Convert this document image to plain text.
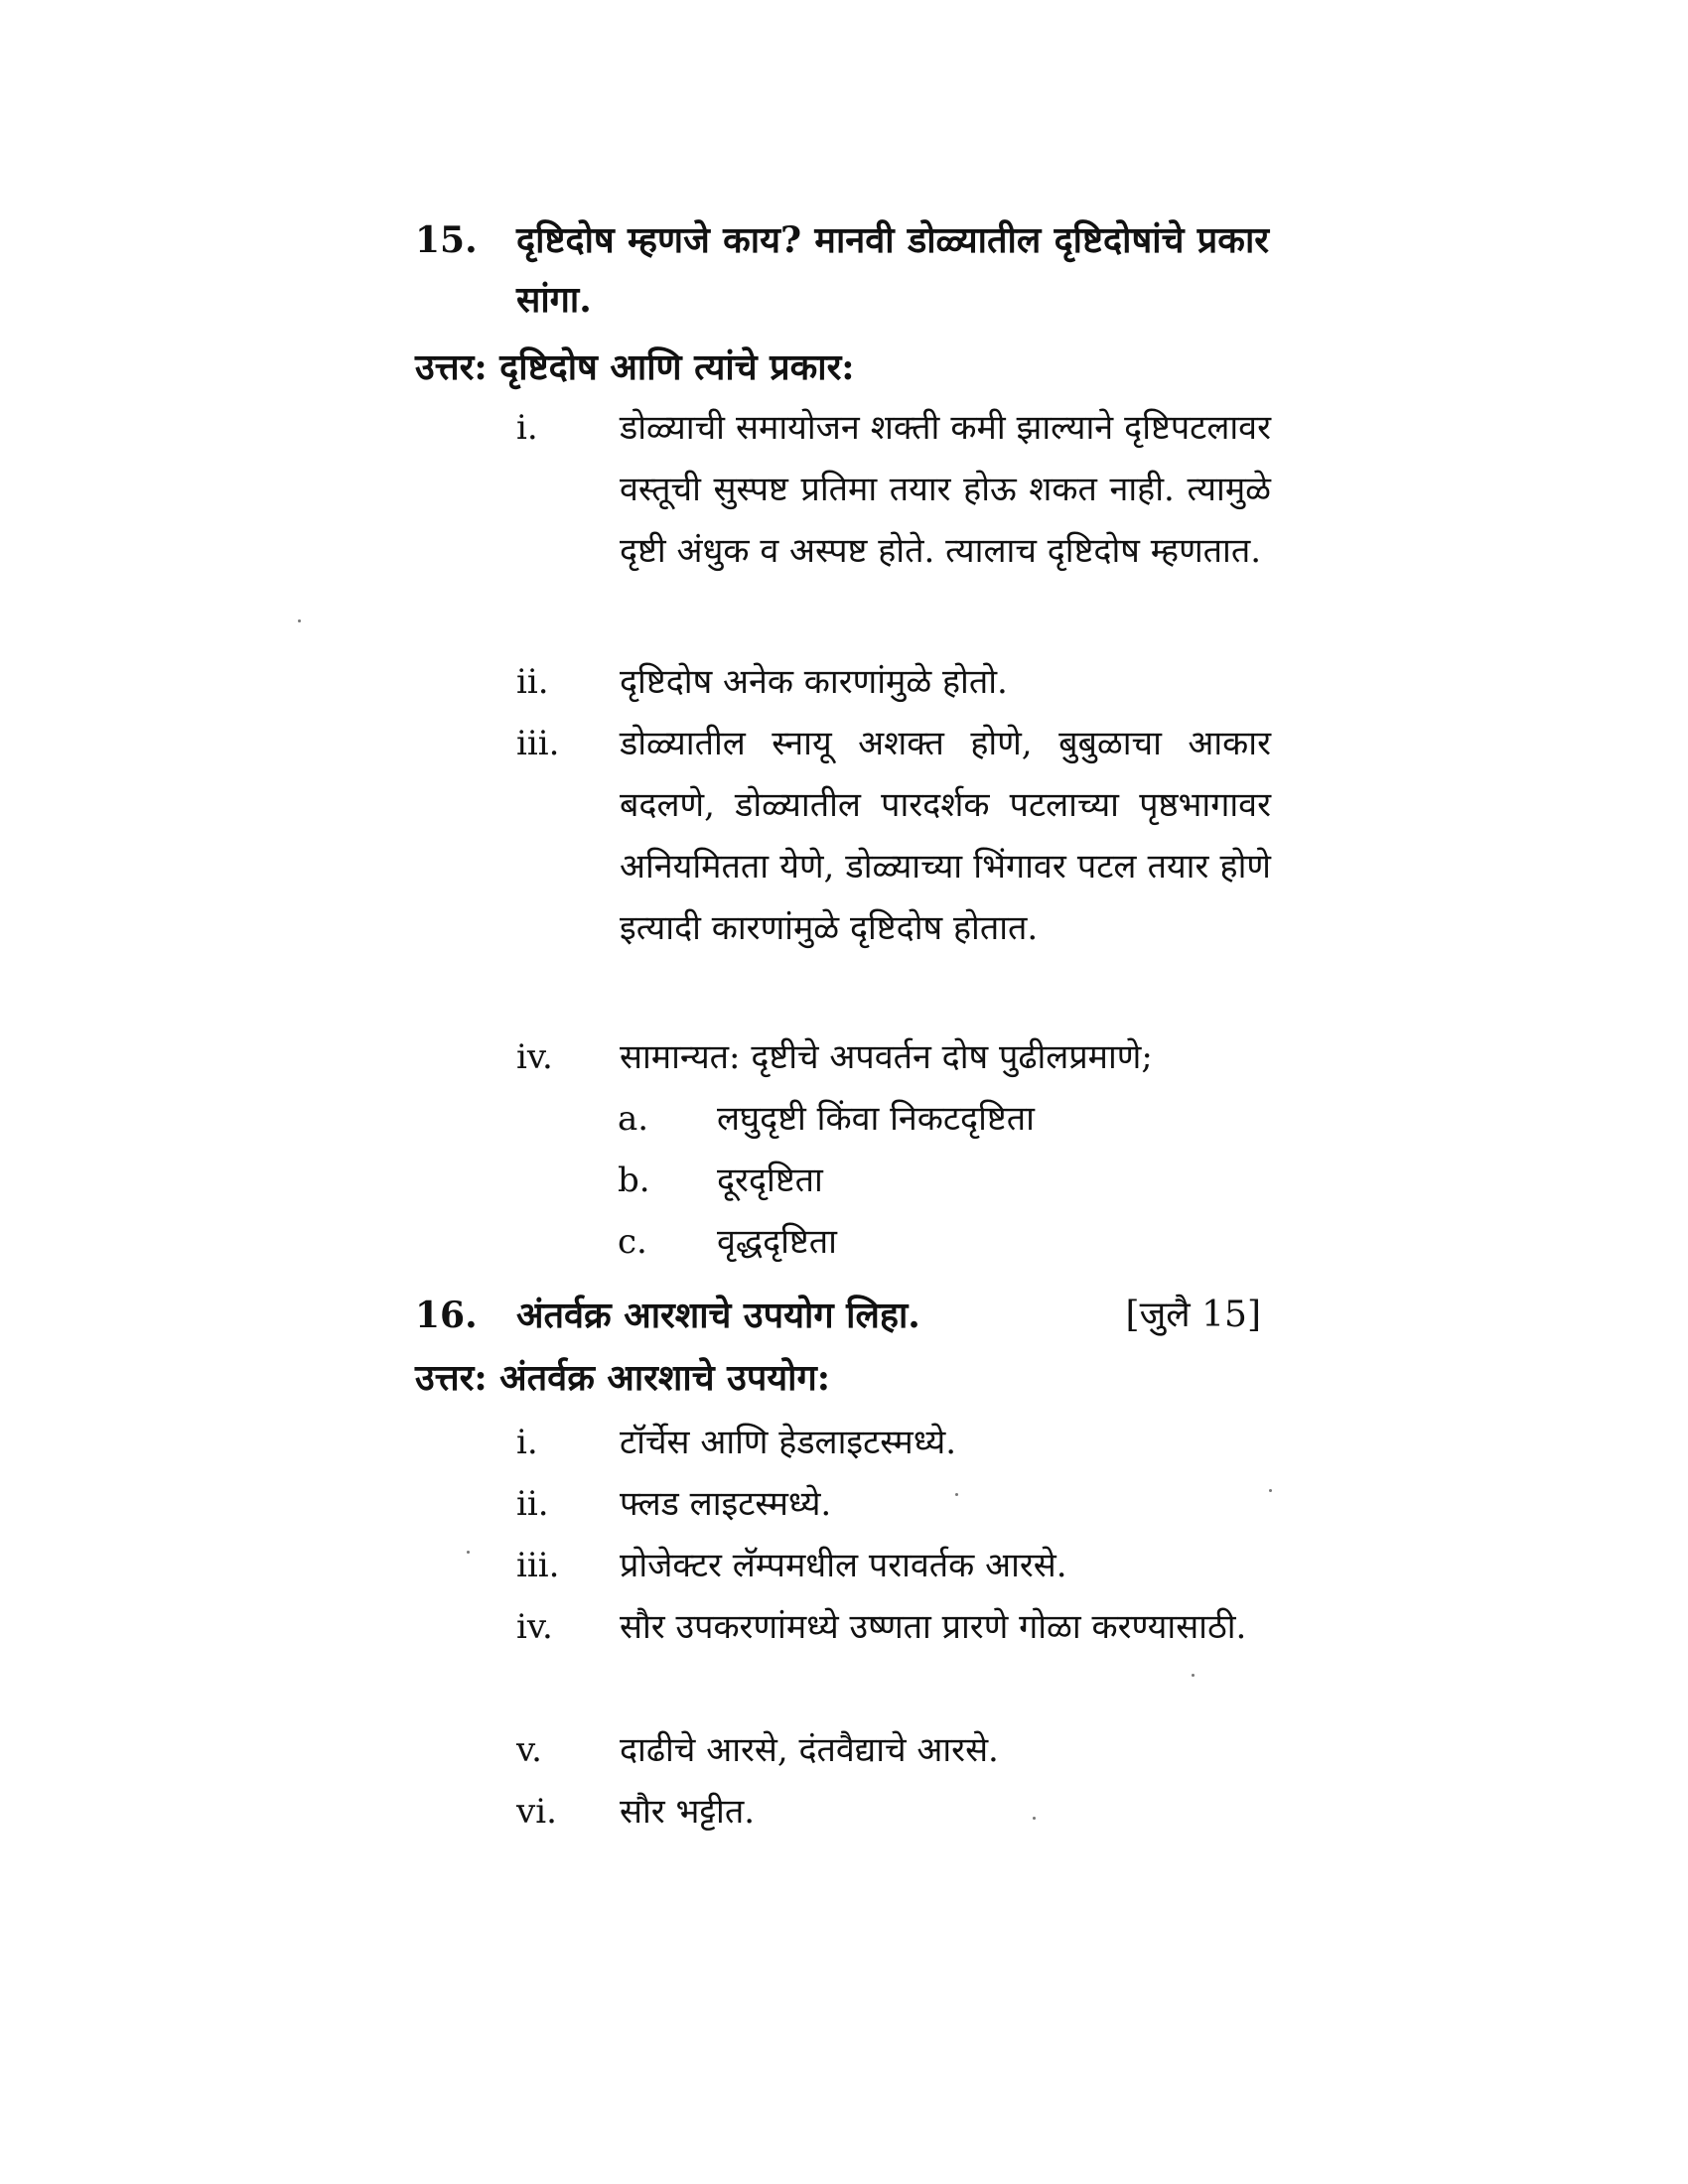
15. दृष्टिदोष म्हणजे काय? मानवी डोळ्यातील दृष्टिदोषांचे प्रकार सांगा.
उत्तर: दृष्टिदोष आणि त्यांचे प्रकार:
i. डोळ्याची समायोजन शक्ती कमी झाल्याने दृष्टिपटलावर वस्तूची सुस्पष्ट प्रतिमा तयार होऊ शकत नाही. त्यामुळे दृष्टी अंधुक व अस्पष्ट होते. त्यालाच दृष्टिदोष म्हणतात.
ii. दृष्टिदोष अनेक कारणांमुळे होतो.
iii. डोळ्यातील स्नायू अशक्त होणे, बुबुळाचा आकार बदलणे, डोळ्यातील पारदर्शक पटलाच्या पृष्ठभागावर अनियमितता येणे, डोळ्याच्या भिंगावर पटल तयार होणे इत्यादी कारणांमुळे दृष्टिदोष होतात.
iv. सामान्यत: दृष्टीचे अपवर्तन दोष पुढीलप्रमाणे;
a. लघुदृष्टी किंवा निकटदृष्टिता
b. दूरदृष्टिता
c. वृद्धदृष्टिता
16. अंतर्वक्र आरशाचे उपयोग लिहा.	[जुलै 15]
उत्तर: अंतर्वक्र आरशाचे उपयोग:
i. टॉर्चेस आणि हेडलाइटस्मध्ये.
ii. फ्लड लाइटस्मध्ये.
iii. प्रोजेक्टर लॅम्पमधील परावर्तक आरसे.
iv. सौर उपकरणांमध्ये उष्णता प्रारणे गोळा करण्यासाठी.
v. दाढीचे आरसे, दंतवैद्याचे आरसे.
vi. सौर भट्टीत.
